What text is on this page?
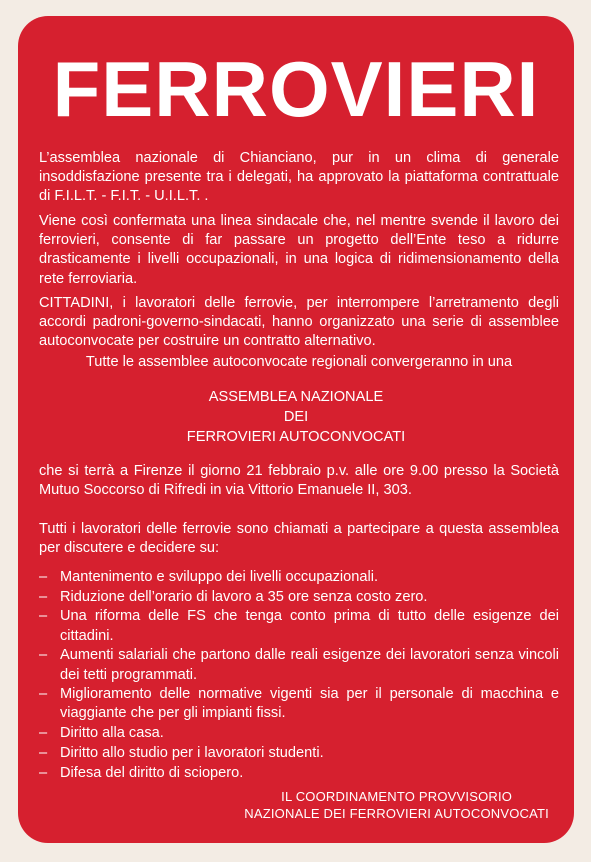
FERROVIERI
L’assemblea nazionale di Chianciano, pur in un clima di generale insoddisfazione presente tra i delegati, ha approvato la piattaforma contrattuale di F.I.L.T. - F.I.T. - U.I.L.T. .
Viene così confermata una linea sindacale che, nel mentre svende il lavoro dei ferrovieri, consente di far passare un progetto dell’Ente teso a ridurre drasticamente i livelli occupazionali, in una logica di ridimensionamento della rete ferroviaria.
CITTADINI, i lavoratori delle ferrovie, per interrompere l’arretramento degli accordi padroni-governo-sindacati, hanno organizzato una serie di assemblee autoconvocate per costruire un contratto alternativo.
Tutte le assemblee autoconvocate regionali convergeranno in una
ASSEMBLEA NAZIONALE
DEI
FERROVIERI AUTOCONVOCATI
che si terrà a Firenze il giorno 21 febbraio p.v. alle ore 9.00 presso la Società Mutuo Soccorso di Rifredi in via Vittorio Emanuele II, 303.
Tutti i lavoratori delle ferrovie sono chiamati a partecipare a questa assemblea per discutere e decidere su:
– Mantenimento e sviluppo dei livelli occupazionali.
– Riduzione dell’orario di lavoro a 35 ore senza costo zero.
– Una riforma delle FS che tenga conto prima di tutto delle esigenze dei cittadini.
– Aumenti salariali che partono dalle reali esigenze dei lavoratori senza vincoli dei tetti programmati.
– Miglioramento delle normative vigenti sia per il personale di macchina e viaggiante che per gli impianti fissi.
– Diritto alla casa.
– Diritto allo studio per i lavoratori studenti.
– Difesa del diritto di sciopero.
IL COORDINAMENTO PROVVISORIO
NAZIONALE DEI FERROVIERI AUTOCONVOCATI
